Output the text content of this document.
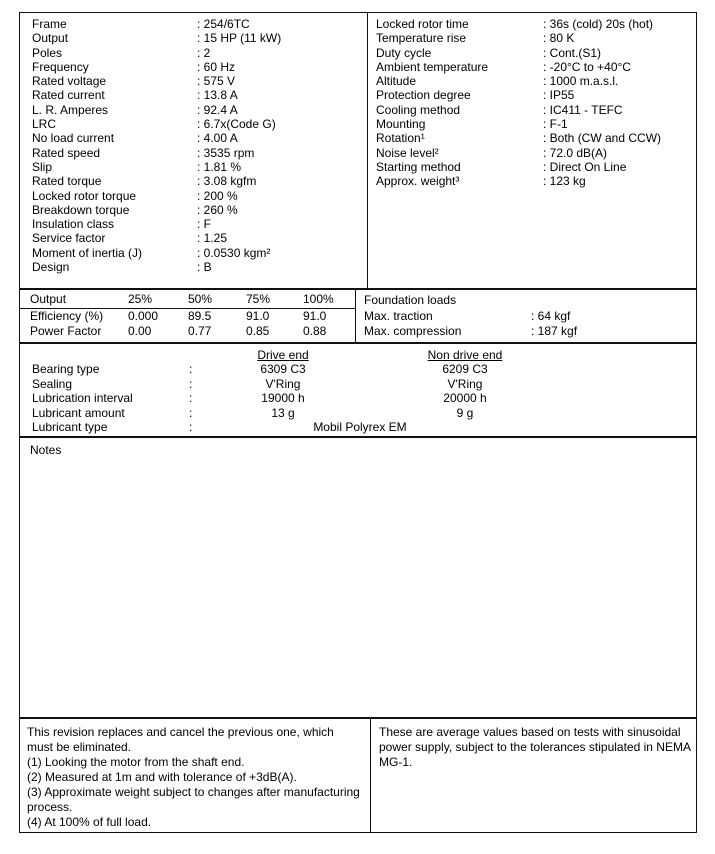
Frame	: 254/6TC
Output	: 15 HP (11 kW)
Poles	: 2
Frequency	: 60 Hz
Rated voltage	: 575 V
Rated current	: 13.8 A
L. R. Amperes	: 92.4 A
LRC	: 6.7x(Code G)
No load current	: 4.00 A
Rated speed	: 3535 rpm
Slip	: 1.81 %
Rated torque	: 3.08 kgfm
Locked rotor torque	: 200 %
Breakdown torque	: 260 %
Insulation class	: F
Service factor	: 1.25
Moment of inertia (J)	: 0.0530 kgm²
Design	: B
Locked rotor time	: 36s (cold) 20s (hot)
Temperature rise	: 80 K
Duty cycle	: Cont.(S1)
Ambient temperature	: -20°C to +40°C
Altitude	: 1000 m.a.s.l.
Protection degree	: IP55
Cooling method	: IC411 - TEFC
Mounting	: F-1
Rotation¹	: Both (CW and CCW)
Noise level²	: 72.0 dB(A)
Starting method	: Direct On Line
Approx. weight³	: 123 kg
Output	25%	50%	75%	100%
Efficiency (%)	0.000	89.5	91.0	91.0
Power Factor	0.00	0.77	0.85	0.88
Foundation loads
Max. traction	: 64 kgf
Max. compression	: 187 kgf
Drive end	Non drive end
Bearing type	:	6309 C3	6209 C3
Sealing	:	V'Ring	V'Ring
Lubrication interval	:	19000 h	20000 h
Lubricant amount	:	13 g	9 g
Lubricant type	:	Mobil Polyrex EM
Notes
This revision replaces and cancel the previous one, which must be eliminated.
(1) Looking the motor from the shaft end.
(2) Measured at 1m and with tolerance of +3dB(A).
(3) Approximate weight subject to changes after manufacturing process.
(4) At 100% of full load.
These are average values based on tests with sinusoidal power supply, subject to the tolerances stipulated in NEMA MG-1.
